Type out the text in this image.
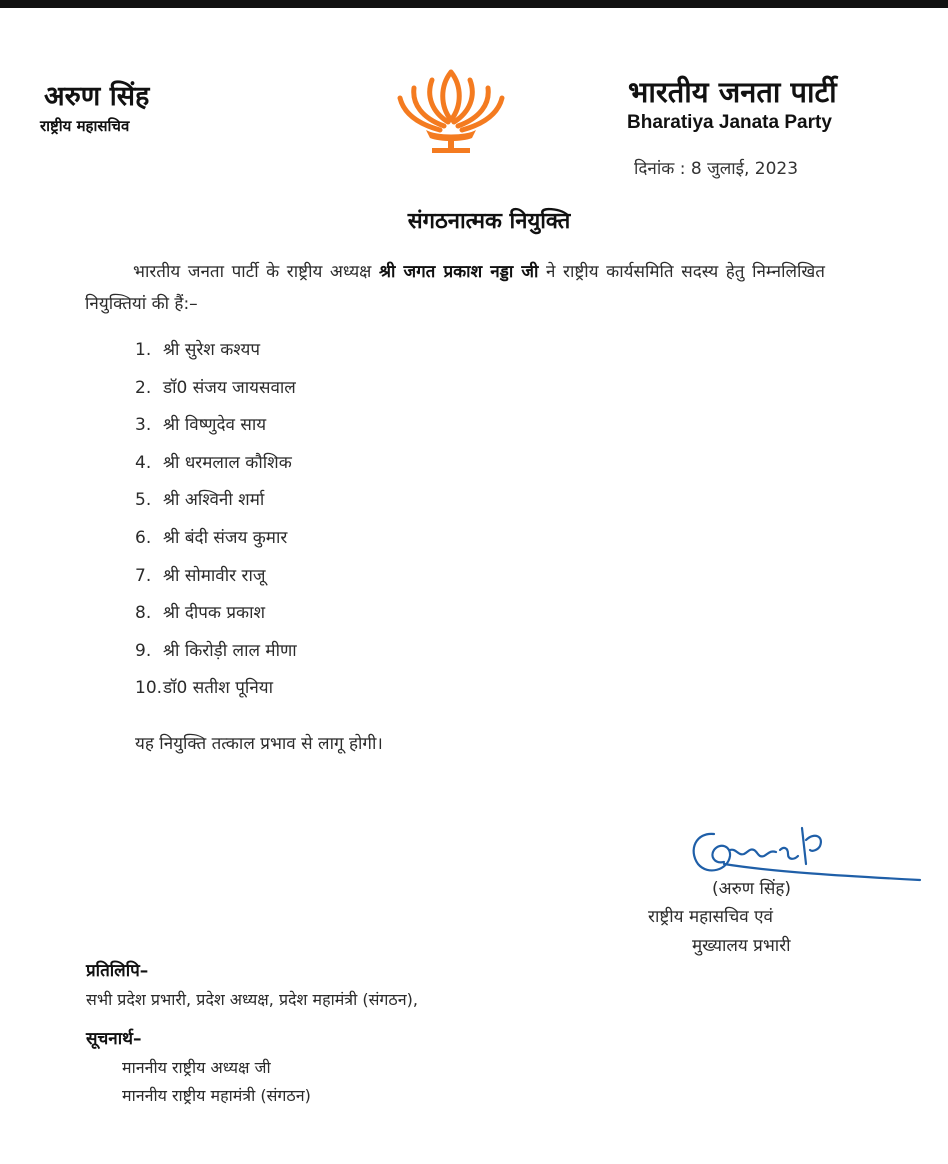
अरुण सिंह
राष्ट्रीय महासचिव
भारतीय जनता पार्टी
Bharatiya Janata Party
दिनांक : 8 जुलाई, 2023
संगठनात्मक नियुक्ति
भारतीय जनता पार्टी के राष्ट्रीय अध्यक्ष श्री जगत प्रकाश नड्डा जी ने राष्ट्रीय कार्यसमिति सदस्य हेतु निम्नलिखित नियुक्तियां की हैं:–
1. श्री सुरेश कश्यप
2. डॉ0 संजय जायसवाल
3. श्री विष्णुदेव साय
4. श्री धरमलाल कौशिक
5. श्री अश्विनी शर्मा
6. श्री बंदी संजय कुमार
7. श्री सोमावीर राजू
8. श्री दीपक प्रकाश
9. श्री किरोड़ी लाल मीणा
10.डॉ0 सतीश पूनिया
यह नियुक्ति तत्काल प्रभाव से लागू होगी।
(अरुण सिंह)
राष्ट्रीय महासचिव एवं
मुख्यालय प्रभारी
प्रतिलिपि–
सभी प्रदेश प्रभारी, प्रदेश अध्यक्ष, प्रदेश महामंत्री (संगठन),
सूचनार्थ–
माननीय राष्ट्रीय अध्यक्ष जी
माननीय राष्ट्रीय महामंत्री (संगठन)
